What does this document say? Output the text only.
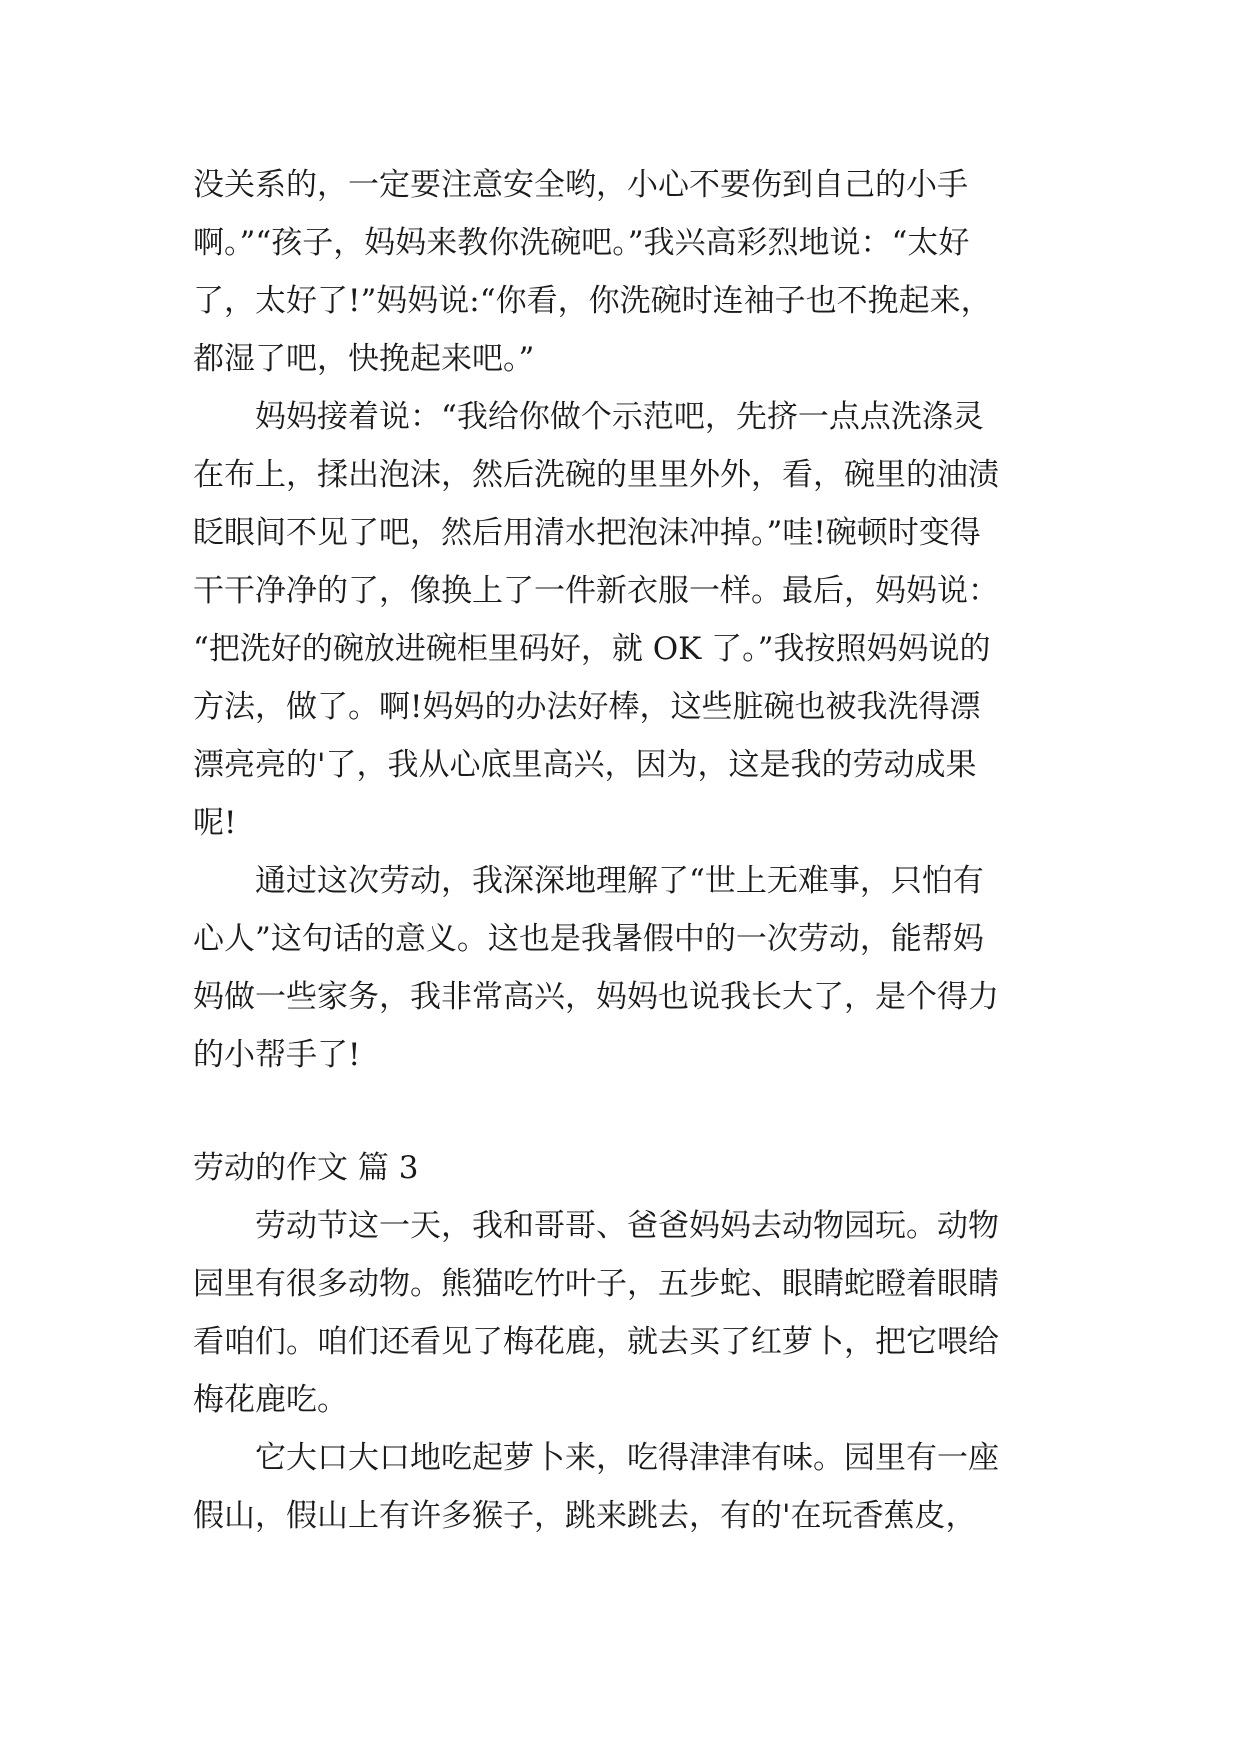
没关系的，一定要注意安全哟，小心不要伤到自己的小手
啊。”“孩子，妈妈来教你洗碗吧。”我兴高彩烈地说：“太好
了，太好了!”妈妈说:“你看，你洗碗时连袖子也不挽起来，
都湿了吧，快挽起来吧。”
　　妈妈接着说：“我给你做个示范吧，先挤一点点洗涤灵
在布上，揉出泡沫，然后洗碗的里里外外，看，碗里的油渍
眨眼间不见了吧，然后用清水把泡沫冲掉。”哇!碗顿时变得
干干净净的了，像换上了一件新衣服一样。最后，妈妈说：
“把洗好的碗放进碗柜里码好，就 OK 了。”我按照妈妈说的
方法，做了。啊!妈妈的办法好棒，这些脏碗也被我洗得漂
漂亮亮的'了，我从心底里高兴，因为，这是我的劳动成果
呢!
　　通过这次劳动，我深深地理解了“世上无难事，只怕有
心人”这句话的意义。这也是我暑假中的一次劳动，能帮妈
妈做一些家务，我非常高兴，妈妈也说我长大了，是个得力
的小帮手了!
劳动的作文 篇 3
　　劳动节这一天，我和哥哥、爸爸妈妈去动物园玩。动物
园里有很多动物。熊猫吃竹叶子，五步蛇、眼睛蛇瞪着眼睛
看咱们。咱们还看见了梅花鹿，就去买了红萝卜，把它喂给
梅花鹿吃。
　　它大口大口地吃起萝卜来，吃得津津有味。园里有一座
假山，假山上有许多猴子，跳来跳去，有的'在玩香蕉皮，
